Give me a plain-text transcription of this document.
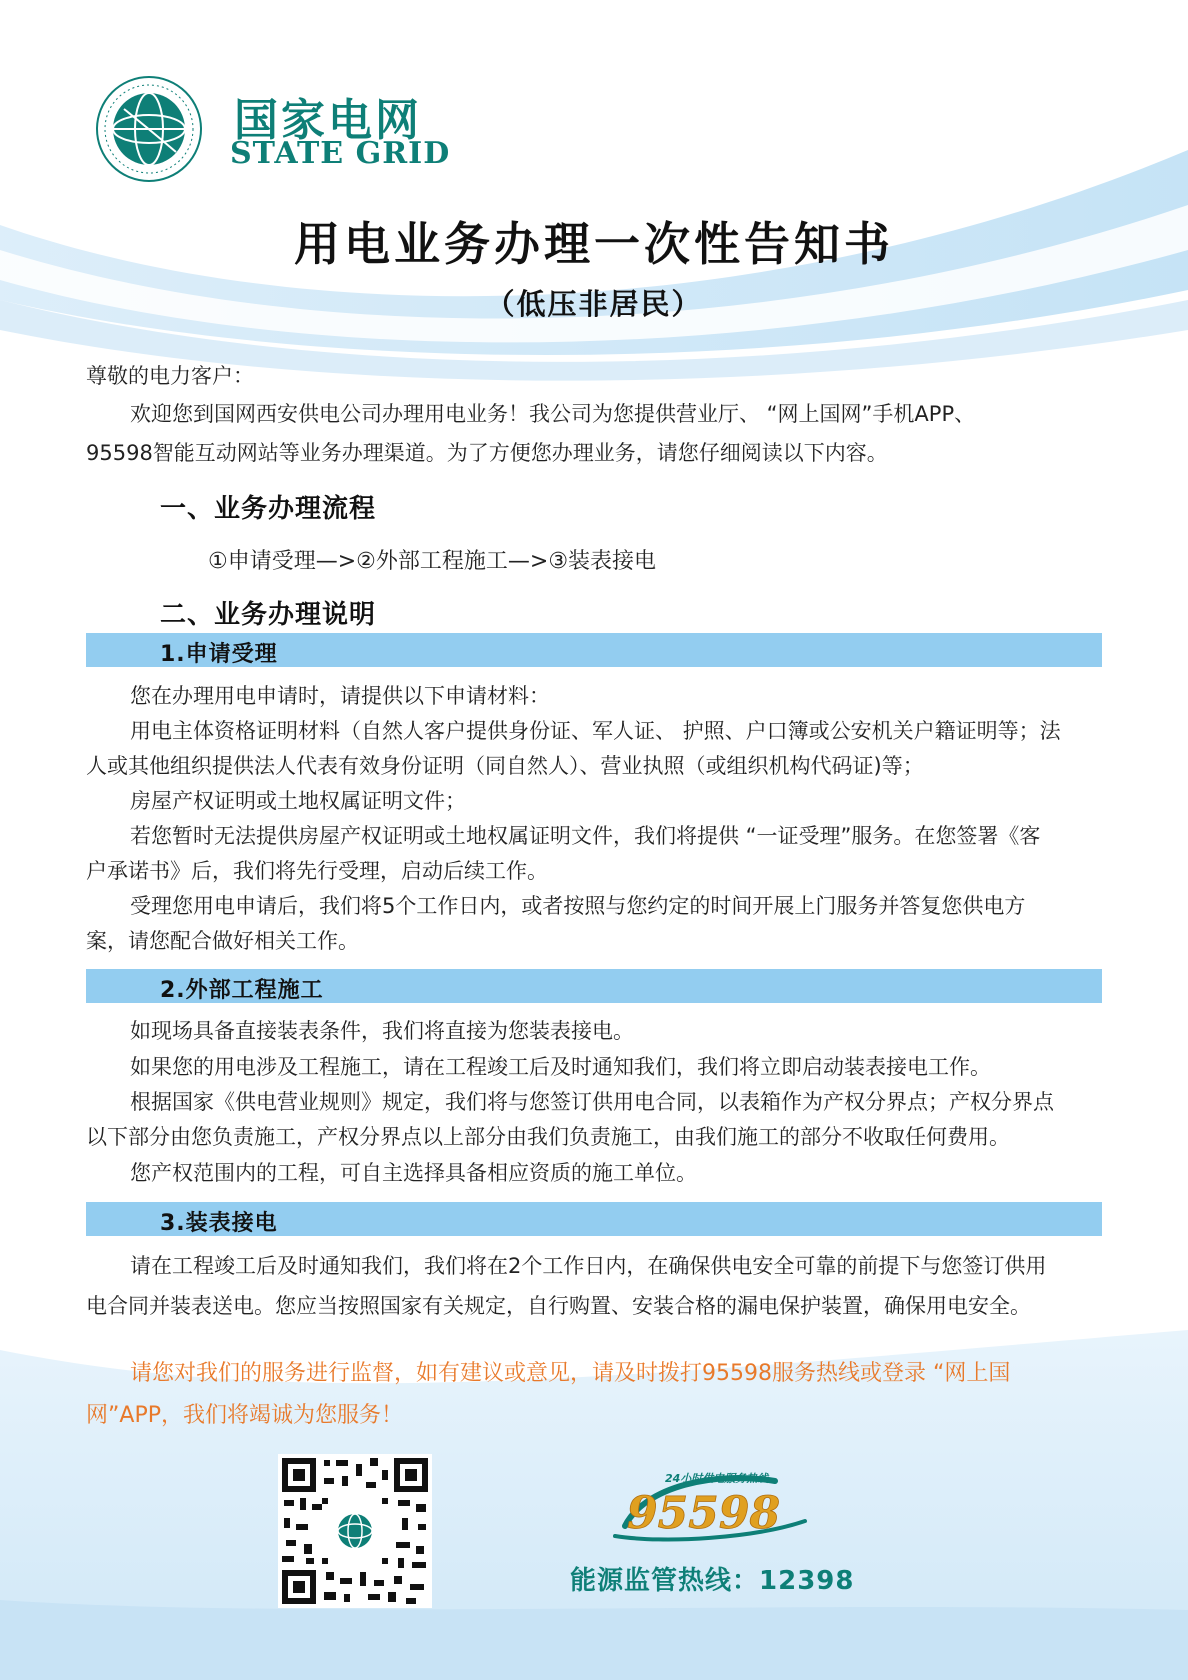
国家电网
STATE GRID
用电业务办理一次性告知书
（低压非居民）
尊敬的电力客户：
欢迎您到国网西安供电公司办理用电业务！我公司为您提供营业厅、 “网上国网”手机APP、
95598智能互动网站等业务办理渠道。为了方便您办理业务，请您仔细阅读以下内容。
一、业务办理流程
①申请受理—>②外部工程施工—>③装表接电
二、业务办理说明
1.申请受理
您在办理用电申请时，请提供以下申请材料：
用电主体资格证明材料（自然人客户提供身份证、军人证、 护照、户口簿或公安机关户籍证明等；法
人或其他组织提供法人代表有效身份证明（同自然人）、营业执照（或组织机构代码证)等；
房屋产权证明或土地权属证明文件；
若您暂时无法提供房屋产权证明或土地权属证明文件，我们将提供 “一证受理”服务。在您签署《客
户承诺书》后，我们将先行受理，启动后续工作。
受理您用电申请后，我们将5个工作日内，或者按照与您约定的时间开展上门服务并答复您供电方
案，请您配合做好相关工作。
2.外部工程施工
如现场具备直接装表条件，我们将直接为您装表接电。
如果您的用电涉及工程施工，请在工程竣工后及时通知我们，我们将立即启动装表接电工作。
根据国家《供电营业规则》规定，我们将与您签订供用电合同，以表箱作为产权分界点；产权分界点
以下部分由您负责施工，产权分界点以上部分由我们负责施工，由我们施工的部分不收取任何费用。
您产权范围内的工程，可自主选择具备相应资质的施工单位。
3.装表接电
请在工程竣工后及时通知我们，我们将在2个工作日内，在确保供电安全可靠的前提下与您签订供用
电合同并装表送电。您应当按照国家有关规定，自行购置、安装合格的漏电保护装置，确保用电安全。
请您对我们的服务进行监督，如有建议或意见，请及时拨打95598服务热线或登录 “网上国
网”APP，我们将竭诚为您服务！
24小时供电服务热线
95598
能源监管热线：12398
